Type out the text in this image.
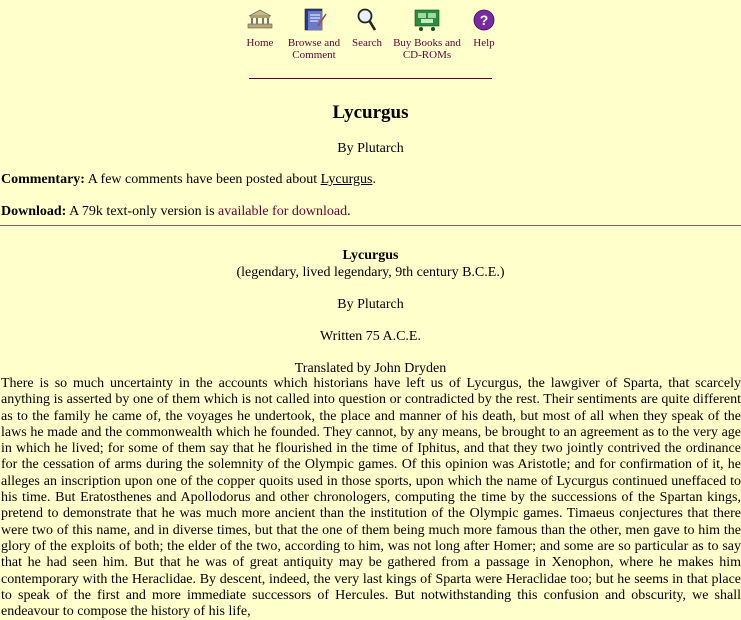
Home	Browse and
Comment
Search Buy Books and
CD-ROMs
?
Help
Lycurgus
By Plutarch
Commentary: A few comments have been posted about Lycurgus.
Download: A 79k text-only version is available for download.
Lycurgus
(legendary, lived legendary, 9th century B.C.E.)
By Plutarch
Written 75 A.C.E.
Translated by John Dryden
There is so much uncertainty in the accounts which historians have left us of Lycurgus, the lawgiver of Sparta, that scarcely anything is asserted by one of them which is not called into question or contradicted by the rest. Their sentiments are quite different as to the family he came of, the voyages he undertook, the place and manner of his death, but most of all when they speak of the laws he made and the commonwealth which he founded. They cannot, by any means, be brought to an agreement as to the very age in which he lived; for some of them say that he flourished in the time of Iphitus, and that they two jointly contrived the ordinance for the cessation of arms during the solemnity of the Olympic games. Of this opinion was Aristotle; and for confirmation of it, he alleges an inscription upon one of the copper quoits used in those sports, upon which the name of Lycurgus continued uneffaced to his time. But Eratosthenes and Apollodorus and other chronologers, computing the time by the successions of the Spartan kings, pretend to demonstrate that he was much more ancient than the institution of the Olympic games. Timaeus conjectures that there were two of this name, and in diverse times, but that the one of them being much more famous than the other, men gave to him the glory of the exploits of both; the elder of the two, according to him, was not long after Homer; and some are so particular as to say that he had seen him. But that he was of great antiquity may be gathered from a passage in Xenophon, where he makes him contemporary with the Heraclidae. By descent, indeed, the very last kings of Sparta were Heraclidae too; but he seems in that place to speak of the first and more immediate successors of Hercules. But notwithstanding this confusion and obscurity, we shall endeavour to compose the history of his life,
